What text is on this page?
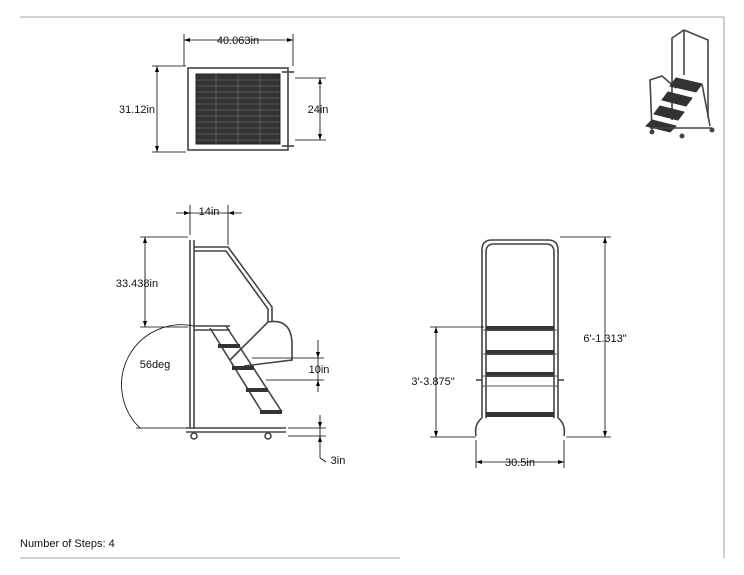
40.063in
31.12in	24in
14in
33.438in
56deg	10in
3in
6'-1.313"
3'-3.875"
30.5in
Number of Steps: 4
